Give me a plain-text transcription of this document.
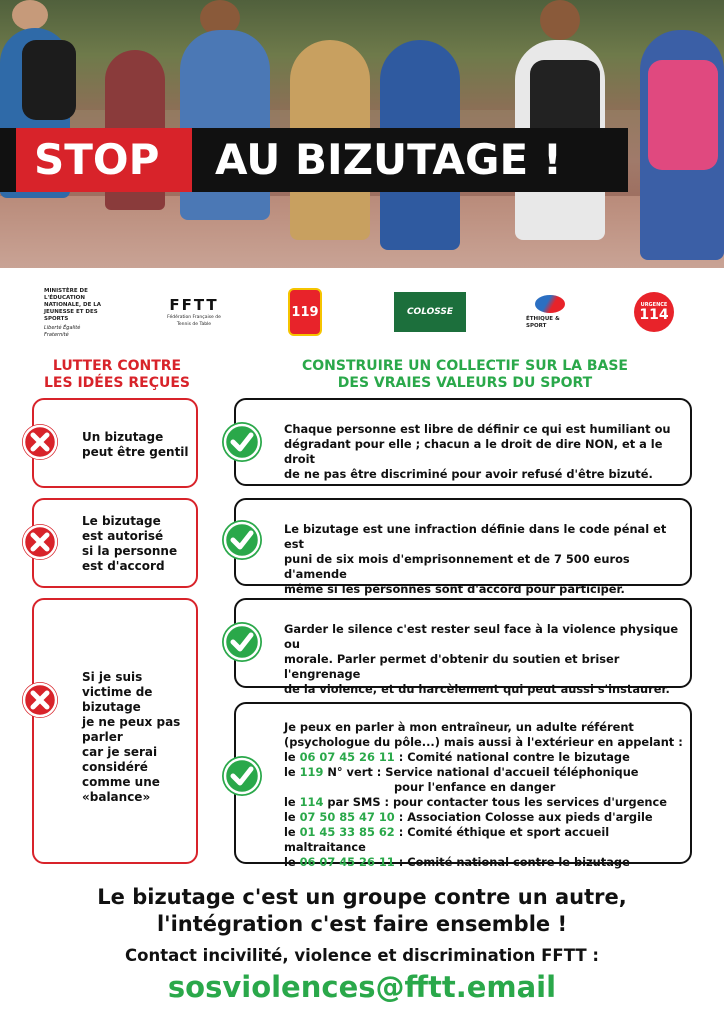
STOP AU BIZUTAGE !
MINISTÈRE DE L'ÉDUCATION NATIONALE, DE LA JEUNESSE ET DES SPORTS
Liberté Égalité Fraternité
FFTT
Fédération Française de Tennis de Table
119	COLOSSE
ÉTHIQUE & SPORT
URGENCE
114
LUTTER CONTRE
LES IDÉES REÇUES
CONSTRUIRE UN COLLECTIF SUR LA BASE
DES VRAIES VALEURS DU SPORT
Un bizutage
peut être gentil
Le bizutage
est autorisé
si la personne
est d'accord
Si je suis
victime de
bizutage
je ne peux pas
parler
car je serai
considéré
comme une
«balance»

Chaque personne est libre de définir ce qui est humiliant ou

dégradant pour elle ; chacun a le droit de dire NON, et a le droit

de ne pas être discriminé pour avoir refusé d'être bizuté.

Le bizutage est une infraction définie dans le code pénal et est

puni de six mois d'emprisonnement et de 7 500 euros d'amende

même si les personnes sont d'accord pour participer.

Garder le silence c'est rester seul face à la violence physique ou

morale. Parler permet d'obtenir du soutien et briser l'engrenage

de la violence, et du harcèlement qui peut aussi s'instaurer.

Je peux en parler à mon entraîneur, un adulte référent

(psychologue du pôle...) mais aussi à l'extérieur en appelant :

le 06 07 45 26 11 : Comité national contre le bizutage

le 119 N° vert : Service national d'accueil téléphonique

pour l'enfance en danger

le 114 par SMS : pour contacter tous les services d'urgence

le 07 50 85 47 10 : Association Colosse aux pieds d'argile

le 01 45 33 85 62 : Comité éthique et sport accueil maltraitance

le 06 07 45 26 11 : Comité national contre le bizutage

Le bizutage c'est un groupe contre un autre,
l'intégration c'est faire ensemble !
Contact incivilité, violence et discrimination FFTT :
sosviolences@fftt.email
